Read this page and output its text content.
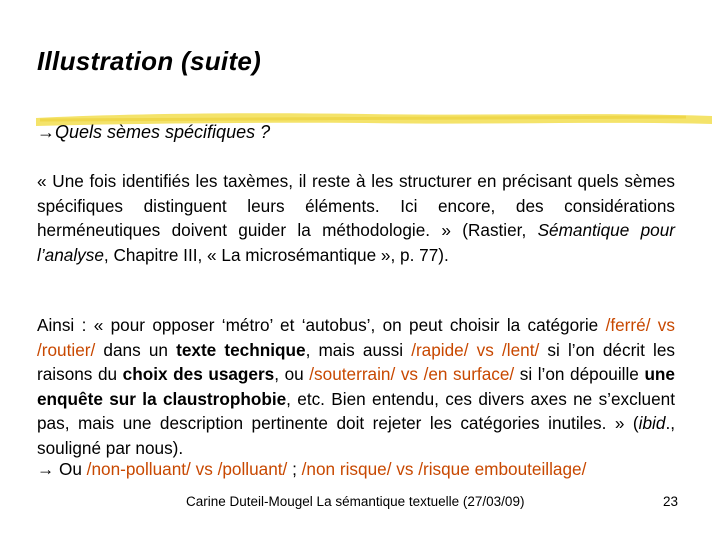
Illustration (suite)
→Quels sèmes spécifiques ?
« Une fois identifiés les taxèmes, il reste à les structurer en précisant quels sèmes spécifiques distinguent leurs éléments. Ici encore, des considérations herméneutiques doivent guider la méthodologie. » (Rastier, Sémantique pour l’analyse, Chapitre III, « La microsémantique », p. 77).
Ainsi : « pour opposer ‘métro’ et ‘autobus’, on peut choisir la catégorie /ferré/ vs /routier/ dans un texte technique, mais aussi /rapide/ vs /lent/ si l’on décrit les raisons du choix des usagers, ou /souterrain/ vs /en surface/ si l’on dépouille une enquête sur la claustrophobie, etc. Bien entendu, ces divers axes ne s’excluent pas, mais une description pertinente doit rejeter les catégories inutiles. » (ibid., souligné par nous).
→ Ou /non-polluant/ vs /polluant/ ; /non risque/ vs /risque embouteillage/
Carine Duteil-Mougel La sémantique textuelle (27/03/09)	23
